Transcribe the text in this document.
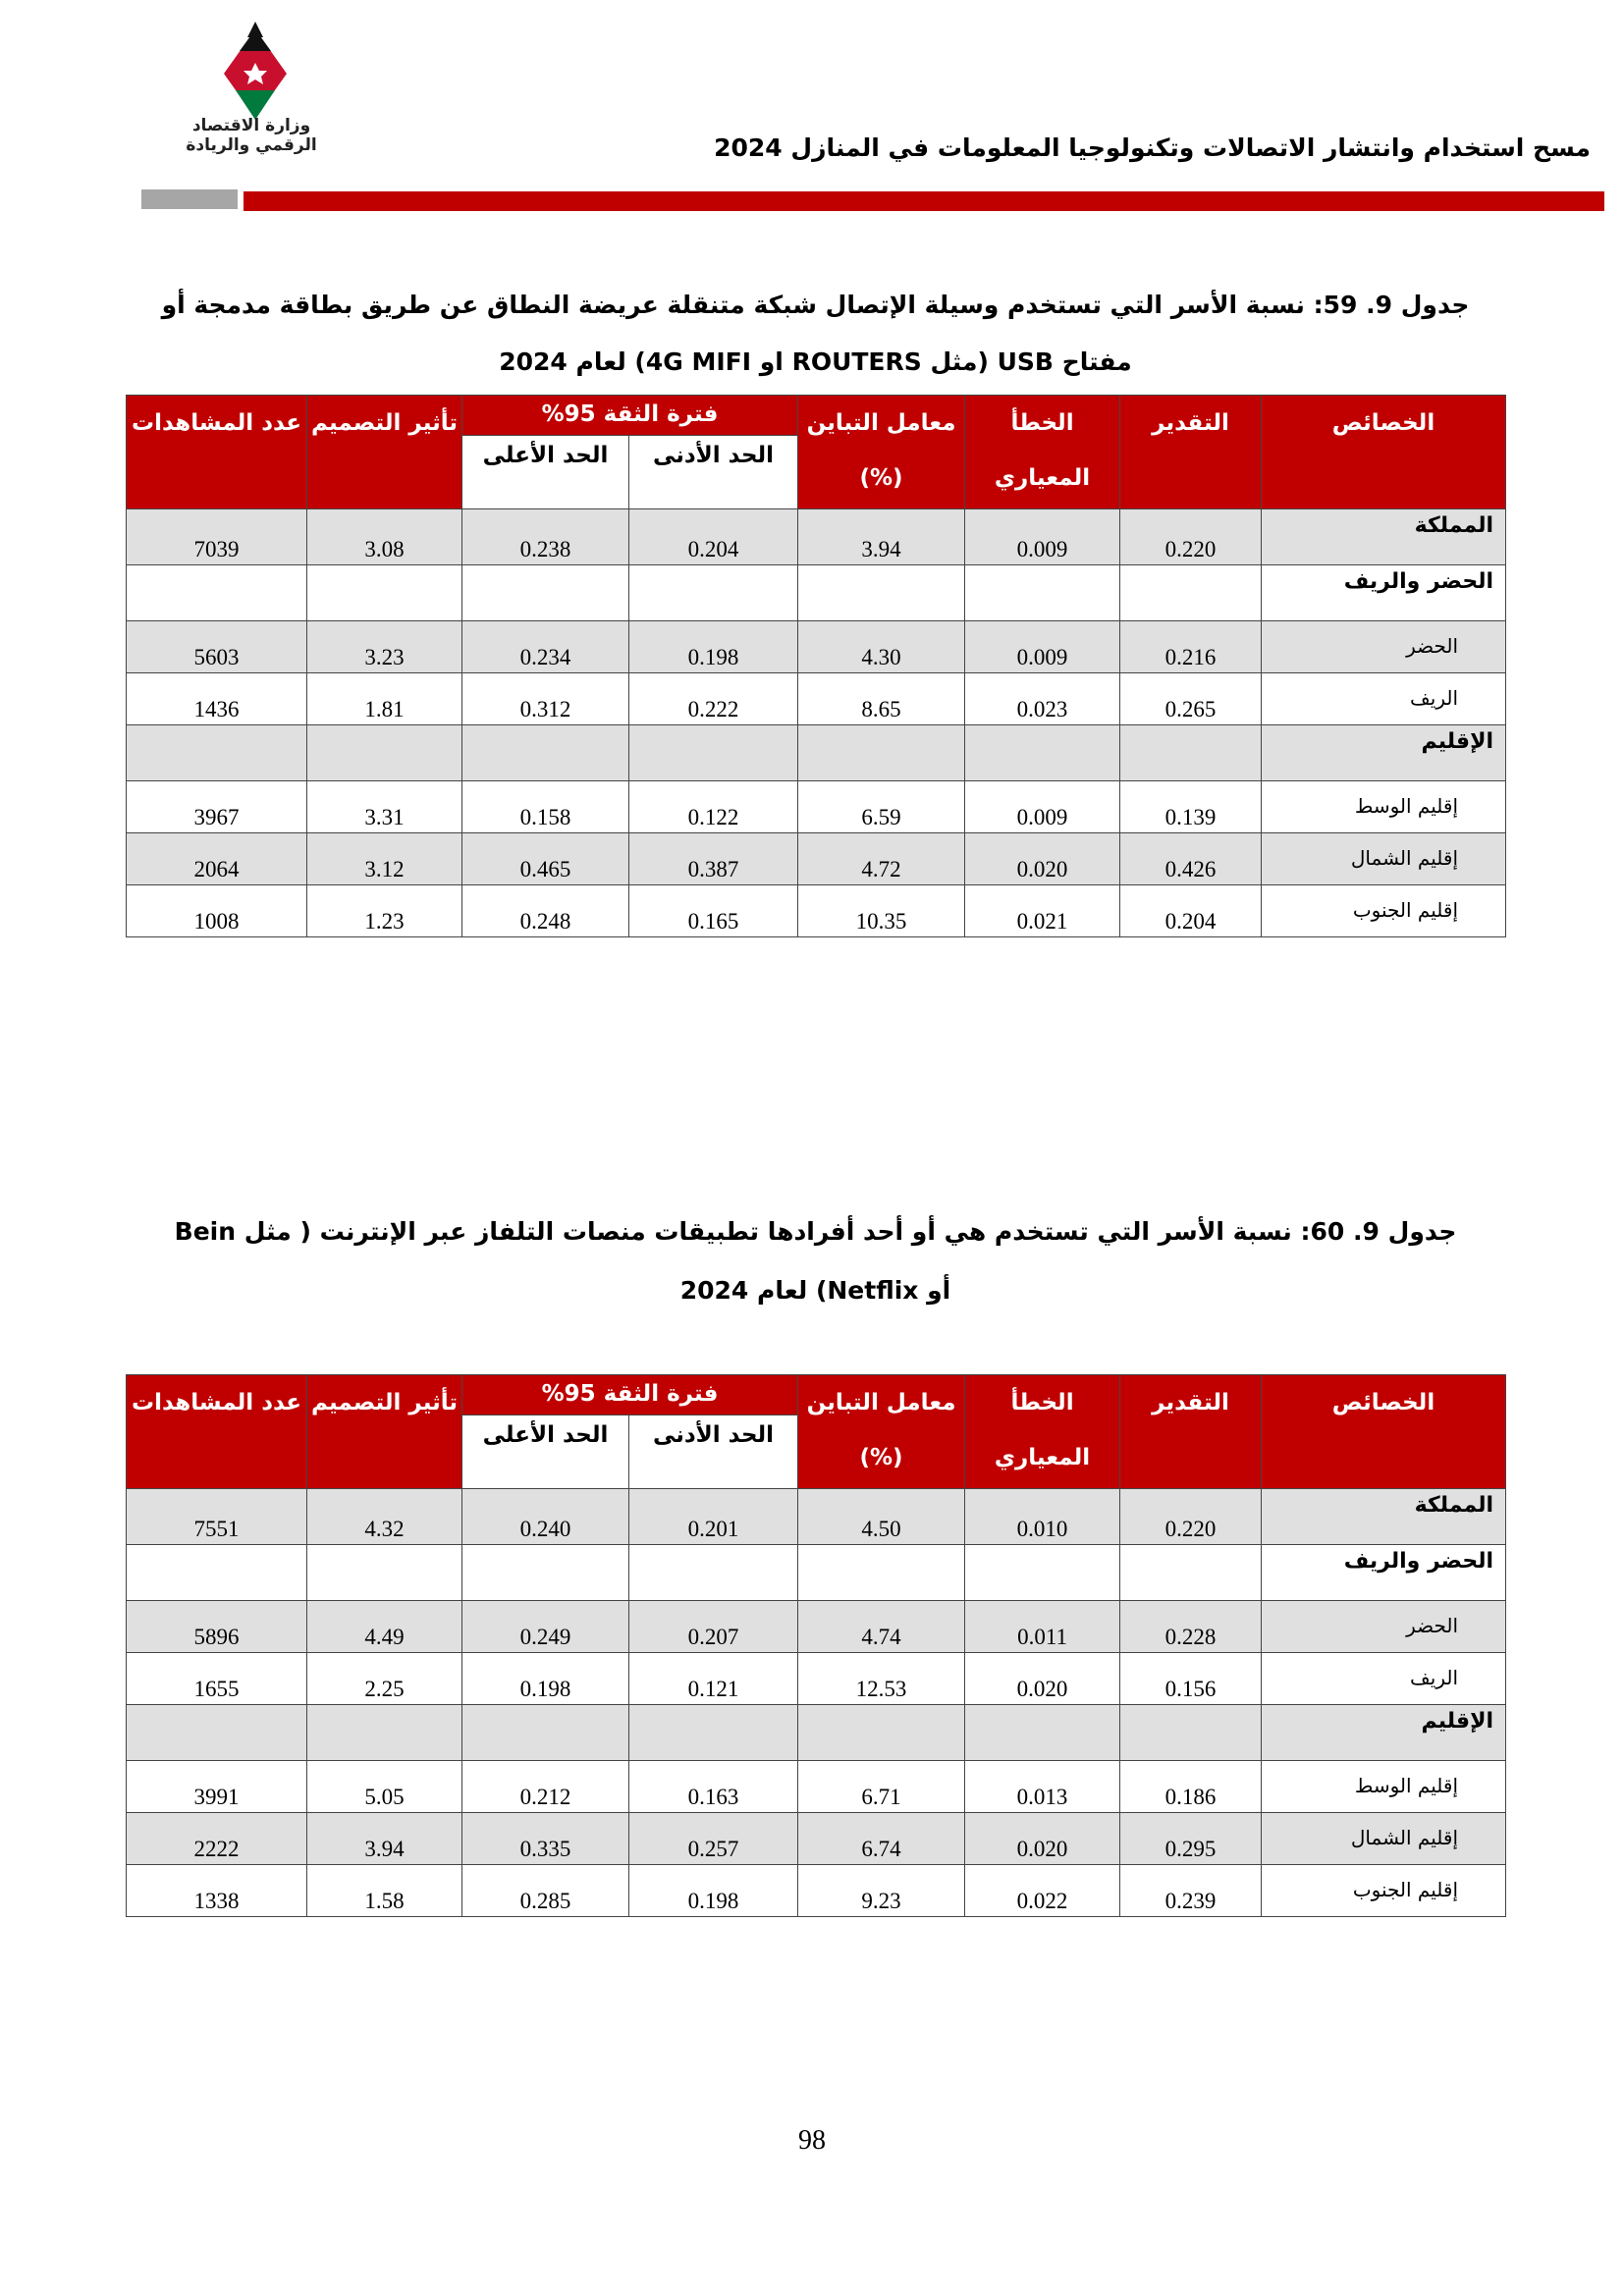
وزارة الاقتصاد
الرقمي والريادة	مسح استخدام وانتشار الاتصالات وتكنولوجيا المعلومات في المنازل 2024
جدول 9. 59: نسبة الأسر التي تستخدم وسيلة الإتصال شبكة متنقلة عريضة النطاق عن طريق بطاقة مدمجة أو
مفتاح USB (مثل ROUTERS او 4G MIFI) لعام 2024
الخصائص	التقدير	الخطأ المعياري	معامل التباين (%)	فترة الثقة 95%		تأثير التصميم	عدد المشاهدات
				الحد الأدنى	الحد الأعلى		
المملكة	0.220	0.009	3.94	0.204	0.238	3.08	7039
الحضر والريف							
الحضر	0.216	0.009	4.30	0.198	0.234	3.23	5603
الريف	0.265	0.023	8.65	0.222	0.312	1.81	1436
الإقليم							
إقليم الوسط	0.139	0.009	6.59	0.122	0.158	3.31	3967
إقليم الشمال	0.426	0.020	4.72	0.387	0.465	3.12	2064
إقليم الجنوب	0.204	0.021	10.35	0.165	0.248	1.23	1008
جدول 9. 60: نسبة الأسر التي تستخدم هي أو أحد أفرادها تطبيقات منصات التلفاز عبر الإنترنت ( مثل Bein
أو Netflix) لعام 2024
الخصائص	التقدير	الخطأ المعياري	معامل التباين (%)	فترة الثقة 95%		تأثير التصميم	عدد المشاهدات
				الحد الأدنى	الحد الأعلى		
المملكة	0.220	0.010	4.50	0.201	0.240	4.32	7551
الحضر والريف							
الحضر	0.228	0.011	4.74	0.207	0.249	4.49	5896
الريف	0.156	0.020	12.53	0.121	0.198	2.25	1655
الإقليم							
إقليم الوسط	0.186	0.013	6.71	0.163	0.212	5.05	3991
إقليم الشمال	0.295	0.020	6.74	0.257	0.335	3.94	2222
إقليم الجنوب	0.239	0.022	9.23	0.198	0.285	1.58	1338
98
